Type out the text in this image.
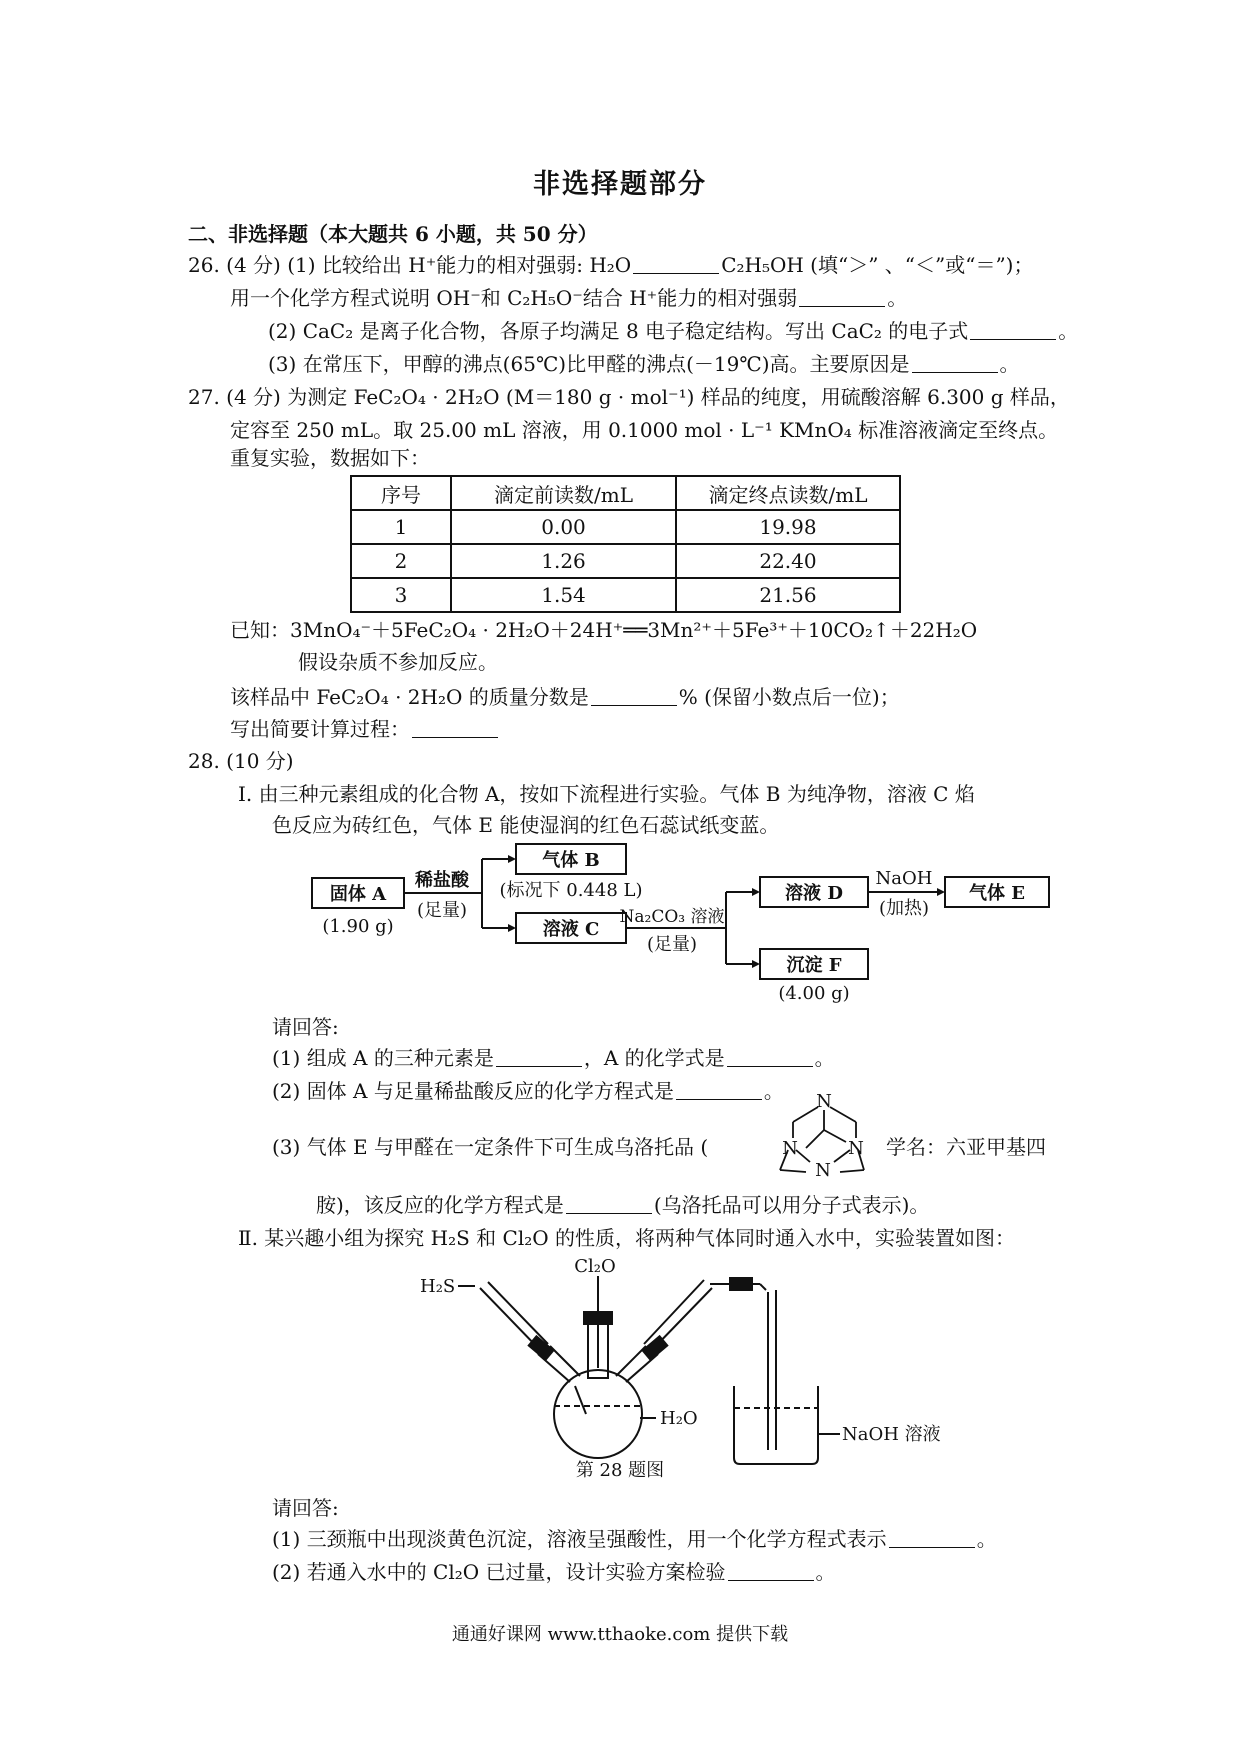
非选择题部分
二、非选择题（本大题共 6 小题，共 50 分）
26. (4 分) (1) 比较给出 H⁺能力的相对强弱: H₂O	C₂H₅OH (填“＞” 、“＜”或“＝”)；
用一个化学方程式说明 OH⁻和 C₂H₅O⁻结合 H⁺能力的相对强弱	。
(2) CaC₂ 是离子化合物，各原子均满足 8 电子稳定结构。写出 CaC₂ 的电子式	。
(3) 在常压下，甲醇的沸点(65℃)比甲醛的沸点(－19℃)高。主要原因是	。
27. (4 分) 为测定 FeC₂O₄ · 2H₂O (M＝180 g · mol⁻¹) 样品的纯度，用硫酸溶解 6.300 g 样品，
定容至 250 mL。取 25.00 mL 溶液，用 0.1000 mol · L⁻¹ KMnO₄ 标准溶液滴定至终点。
重复实验，数据如下：
序号	滴定前读数/mL	滴定终点读数/mL
1	0.00	19.98
2	1.26	22.40
3	1.54	21.56
已知：3MnO₄⁻＋5FeC₂O₄ · 2H₂O＋24H⁺══3Mn²⁺＋5Fe³⁺＋10CO₂↑＋22H₂O
假设杂质不参加反应。
该样品中 FeC₂O₄ · 2H₂O 的质量分数是	% (保留小数点后一位)；
写出简要计算过程：
28. (10 分)
Ⅰ. 由三种元素组成的化合物 A，按如下流程进行实验。气体 B 为纯净物，溶液 C 焰
色反应为砖红色，气体 E 能使湿润的红色石蕊试纸变蓝。
固体 A
(1.90 g)
稀盐酸
(足量)
气体 B
(标况下 0.448 L)
溶液 C
Na₂CO₃ 溶液
(足量)
溶液 D
NaOH
(加热)
气体 E
沉淀 F
(4.00 g)
请回答:
(1) 组成 A 的三种元素是	，A 的化学式是	。
(2) 固体 A 与足量稀盐酸反应的化学方程式是	。
(3) 气体 E 与甲醛在一定条件下可生成乌洛托品 (
N
N	N
N
学名：六亚甲基四
胺)，该反应的化学方程式是	(乌洛托品可以用分子式表示)。
Ⅱ. 某兴趣小组为探究 H₂S 和 Cl₂O 的性质，将两种气体同时通入水中，实验装置如图：
Cl₂O
H₂S
H₂O
NaOH 溶液
第 28 题图
请回答:
(1) 三颈瓶中出现淡黄色沉淀，溶液呈强酸性，用一个化学方程式表示	。
(2) 若通入水中的 Cl₂O 已过量，设计实验方案检验	。
通通好课网 www.tthaoke.com 提供下载
